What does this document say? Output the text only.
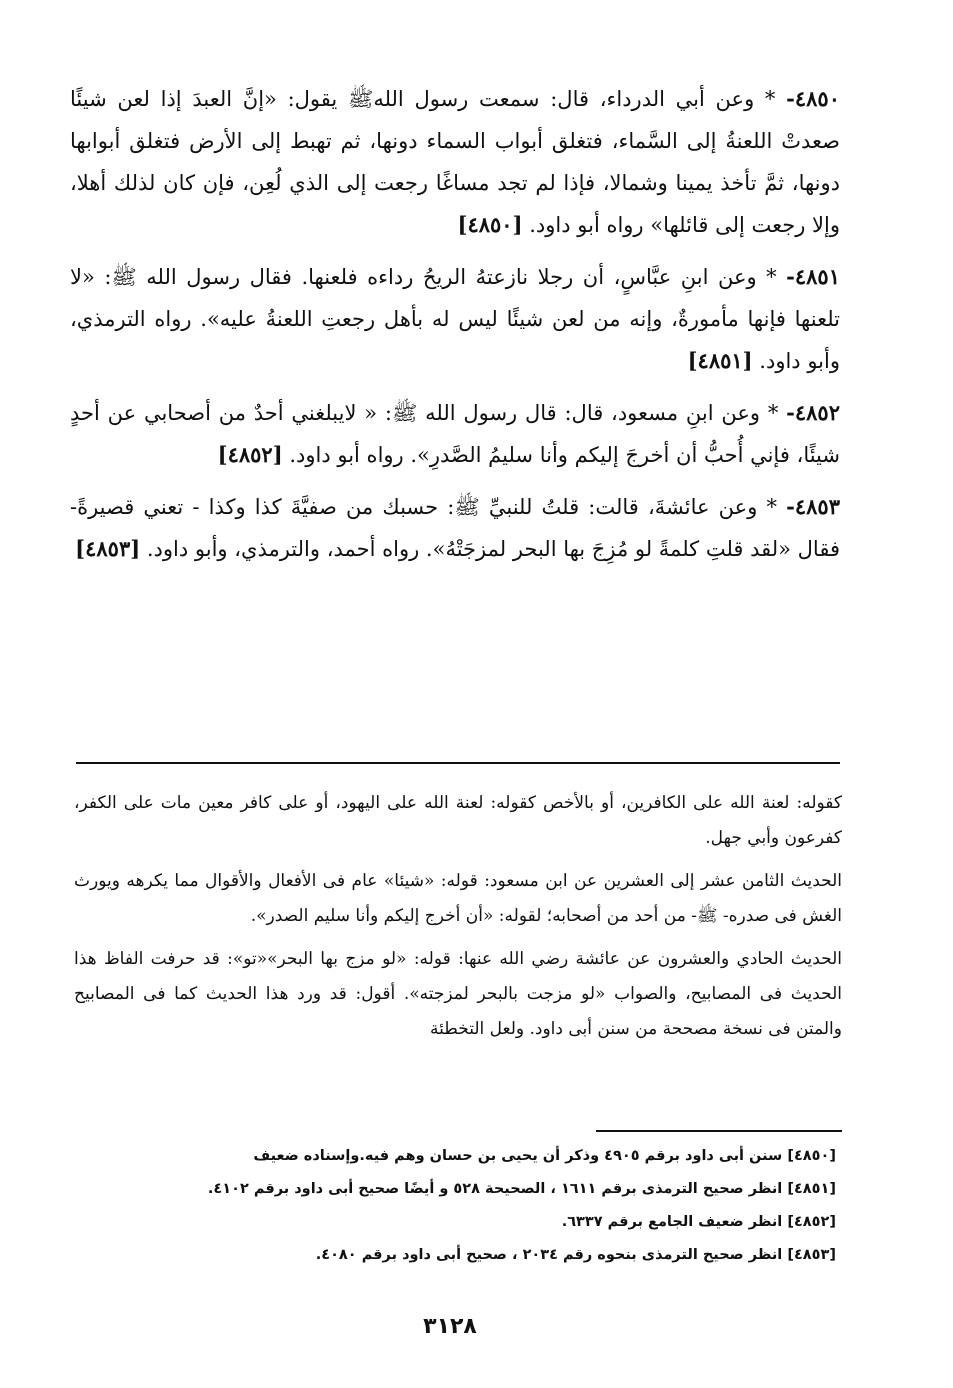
٤٨٥٠- * وعن أبي الدرداء، قال: سمعت رسول اللهﷺ يقول: «إنَّ العبدَ إذا لعن شيئًا صعدتْ اللعنةُ إلى السَّماء، فتغلق أبواب السماء دونها، ثم تهبط إلى الأرض فتغلق أبوابها دونها، ثمَّ تأخذ يمينا وشمالا، فإذا لم تجد مساغًا رجعت إلى الذي لُعِن، فإن كان لذلك أهلا، وإلا رجعت إلى قائلها» رواه أبو داود. [٤٨٥٠]

٤٨٥١- * وعن ابنِ عبَّاسٍ، أن رجلا نازعتهُ الريحُ رداءه فلعنها. فقال رسول الله ﷺ: «لا تلعنها فإنها مأمورةٌ، وإنه من لعن شيئًا ليس له بأهل رجعتِ اللعنةُ عليه». رواه الترمذي، وأبو داود. [٤٨٥١]

٤٨٥٢- * وعن ابنِ مسعود، قال: قال رسول الله ﷺ: « لايبلغني أحدٌ من أصحابي عن أحدٍ شيئًا، فإني أُحبُّ أن أخرجَ إليكم وأنا سليمُ الصَّدرِ». رواه أبو داود. [٤٨٥٢]

٤٨٥٣- * وعن عائشةَ، قالت: قلتُ للنبيِّ ﷺ: حسبك من صفيَّةَ كذا وكذا - تعني قصيرةً- فقال «لقد قلتِ كلمةً لو مُزِجَ بها البحر لمزجَتْهُ». رواه أحمد، والترمذي، وأبو داود. [٤٨٥٣]

كقوله: لعنة الله على الكافرين، أو بالأخص كقوله: لعنة الله على اليهود، أو على كافر معين مات على الكفر، كفرعون وأبي جهل.

الحديث الثامن عشر إلى العشرين عن ابن مسعود: قوله: «شيئا» عام فى الأفعال والأقوال مما يكرهه ويورث الغش فى صدره- ﷺ- من أحد من أصحابه؛ لقوله: «أن أخرج إليكم وأنا سليم الصدر».

الحديث الحادي والعشرون عن عائشة رضي الله عنها: قوله: «لو مزج بها البحر»«تو»: قد حرفت الفاظ هذا الحديث فى المصابيح، والصواب «لو مزجت بالبحر لمزجته». أقول: قد ورد هذا الحديث كما فى المصابيح والمتن فى نسخة مصححة من سنن أبى داود. ولعل التخطئة

[٤٨٥٠] سنن أبى داود برقم ٤٩٠٥ وذكر أن يحيى بن حسان وهم فيه.وإسناده ضعيف

[٤٨٥١] انظر صحيح الترمذى برقم ١٦١١ ، الصحيحة ٥٢٨ و أيضًا صحيح أبى داود برقم ٤١٠٢.

[٤٨٥٢] انظر ضعيف الجامع برقم ٦٣٣٧.

[٤٨٥٣] انظر صحيح الترمذى بنحوه رقم ٢٠٣٤ ، صحيح أبى داود برقم ٤٠٨٠.

٣١٢٨
